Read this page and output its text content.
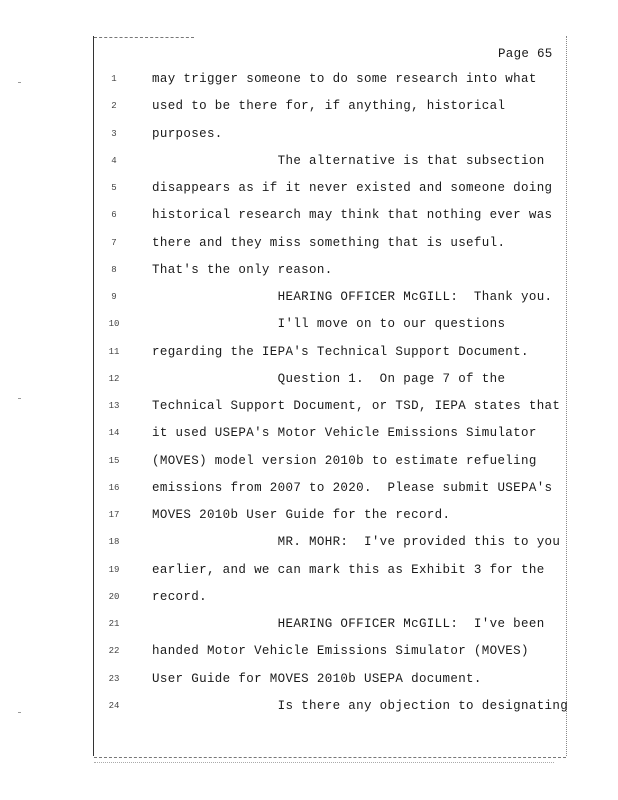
Page 65
1	may trigger someone to do some research into what
2	used to be there for, if anything, historical
3	purposes.
4	The alternative is that subsection
5	disappears as if it never existed and someone doing
6	historical research may think that nothing ever was
7	there and they miss something that is useful.
8	That's the only reason.
9	HEARING OFFICER McGILL:  Thank you.
10	I'll move on to our questions
11	regarding the IEPA's Technical Support Document.
12	Question 1.  On page 7 of the
13	Technical Support Document, or TSD, IEPA states that
14	it used USEPA's Motor Vehicle Emissions Simulator
15	(MOVES) model version 2010b to estimate refueling
16	emissions from 2007 to 2020.  Please submit USEPA's
17	MOVES 2010b User Guide for the record.
18	MR. MOHR:  I've provided this to you
19	earlier, and we can mark this as Exhibit 3 for the
20	record.
21	HEARING OFFICER McGILL:  I've been
22	handed Motor Vehicle Emissions Simulator (MOVES)
23	User Guide for MOVES 2010b USEPA document.
24	Is there any objection to designating
